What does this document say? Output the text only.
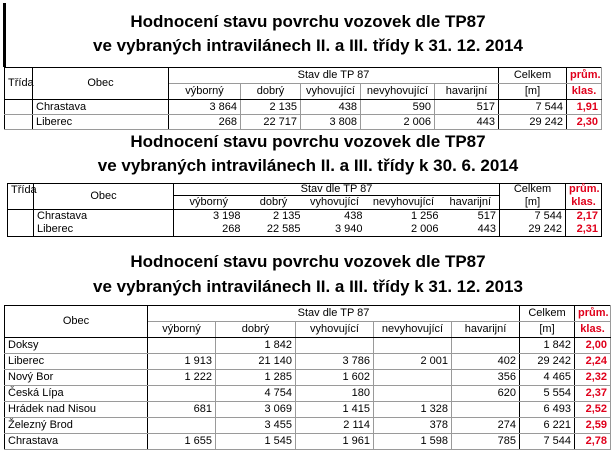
Hodnocení stavu povrchu vozovek dle TP87
ve vybraných intravilánech II. a III. třídy k 31. 12. 2014
Třída	Obec	Stav dle TP 87					Celkem	prům.
		výborný	dobrý	vyhovující	nevyhovující	havarijní	[m]	klas.
	Chrastava	3 864	2 135	438	590	517	7 544	1,91
	Liberec	268	22 717	3 808	2 006	443	29 242	2,30
Hodnocení stavu povrchu vozovek dle TP87
ve vybraných intravilánech II. a III. třídy k 30. 6. 2014
Třída	Obec	Stav dle TP 87					Celkem	prům.
		výborný	dobrý	vyhovující	nevyhovující	havarijní	[m]	klas.
	Chrastava	3 198	2 135	438	1 256	517	7 544	2,17
	Liberec	268	22 585	3 940	2 006	443	29 242	2,31
Hodnocení stavu povrchu vozovek dle TP87
ve vybraných intravilánech II. a III. třídy k 31. 12. 2013
Obec	Stav dle TP 87					Celkem	prům.
	výborný	dobrý	vyhovující	nevyhovující	havarijní	[m]	klas.
Doksy		1 842				1 842	2,00
Liberec	1 913	21 140	3 786	2 001	402	29 242	2,24
Nový Bor	1 222	1 285	1 602		356	4 465	2,32
Česká Lípa		4 754	180		620	5 554	2,37
Hrádek nad Nisou	681	3 069	1 415	1 328		6 493	2,52
Železný Brod		3 455	2 114	378	274	6 221	2,59
Chrastava	1 655	1 545	1 961	1 598	785	7 544	2,78
